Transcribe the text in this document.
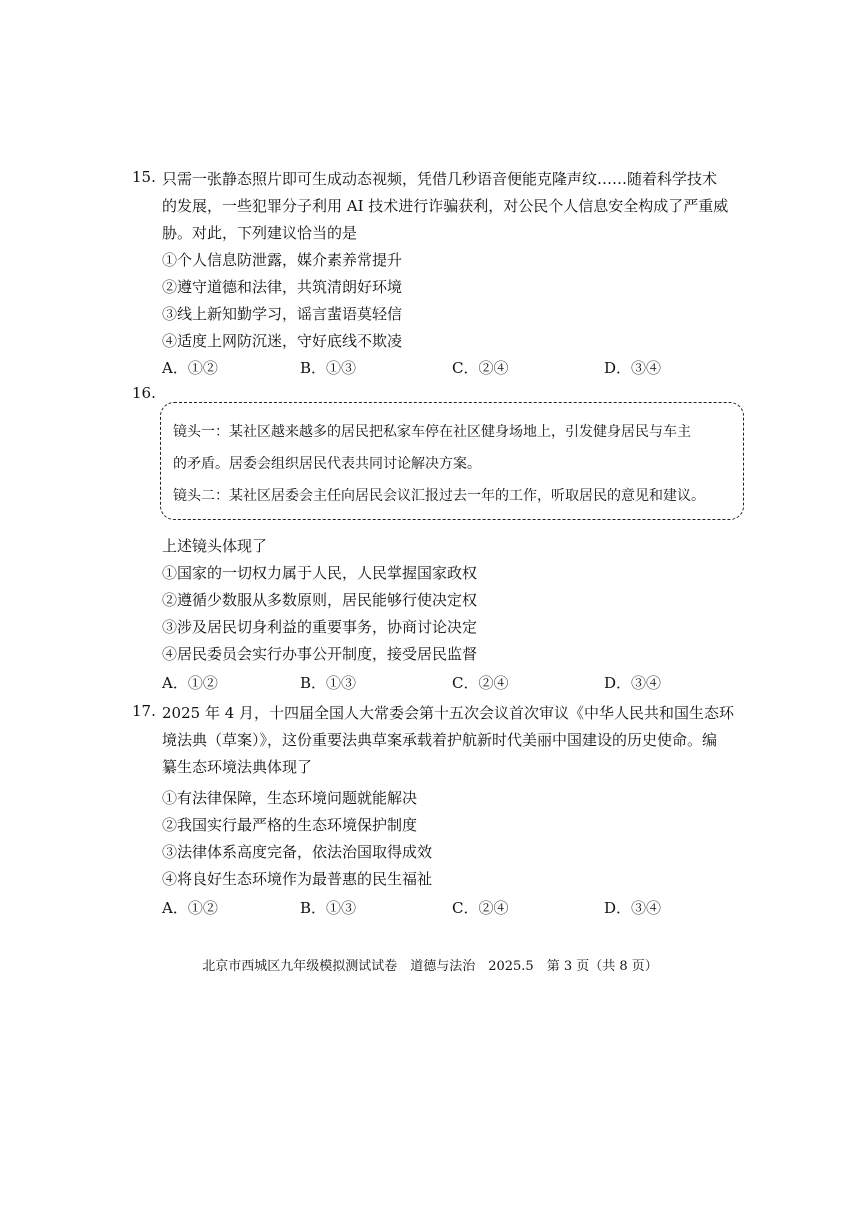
15. 只需一张静态照片即可生成动态视频，凭借几秒语音便能克隆声纹……随着科学技术
的发展，一些犯罪分子利用 AI 技术进行诈骗获利，对公民个人信息安全构成了严重威
胁。对此，下列建议恰当的是
①个人信息防泄露，媒介素养常提升
②遵守道德和法律，共筑清朗好环境
③线上新知勤学习，谣言蜚语莫轻信
④适度上网防沉迷，守好底线不欺凌
A．①②	B．①③	C．②④	D．③④
16.
镜头一：某社区越来越多的居民把私家车停在社区健身场地上，引发健身居民与车主
的矛盾。居委会组织居民代表共同讨论解决方案。
镜头二：某社区居委会主任向居民会议汇报过去一年的工作，听取居民的意见和建议。
上述镜头体现了
①国家的一切权力属于人民，人民掌握国家政权
②遵循少数服从多数原则，居民能够行使决定权
③涉及居民切身利益的重要事务，协商讨论决定
④居民委员会实行办事公开制度，接受居民监督
A．①②	B．①③	C．②④	D．③④
17. 2025 年 4 月，十四届全国人大常委会第十五次会议首次审议《中华人民共和国生态环
境法典（草案）》，这份重要法典草案承载着护航新时代美丽中国建设的历史使命。编
纂生态环境法典体现了
①有法律保障，生态环境问题就能解决
②我国实行最严格的生态环境保护制度
③法律体系高度完备，依法治国取得成效
④将良好生态环境作为最普惠的民生福祉
A．①②	B．①③	C．②④	D．③④
北京市西城区九年级模拟测试试卷　道德与法治　2025.5　第 3 页（共 8 页）
